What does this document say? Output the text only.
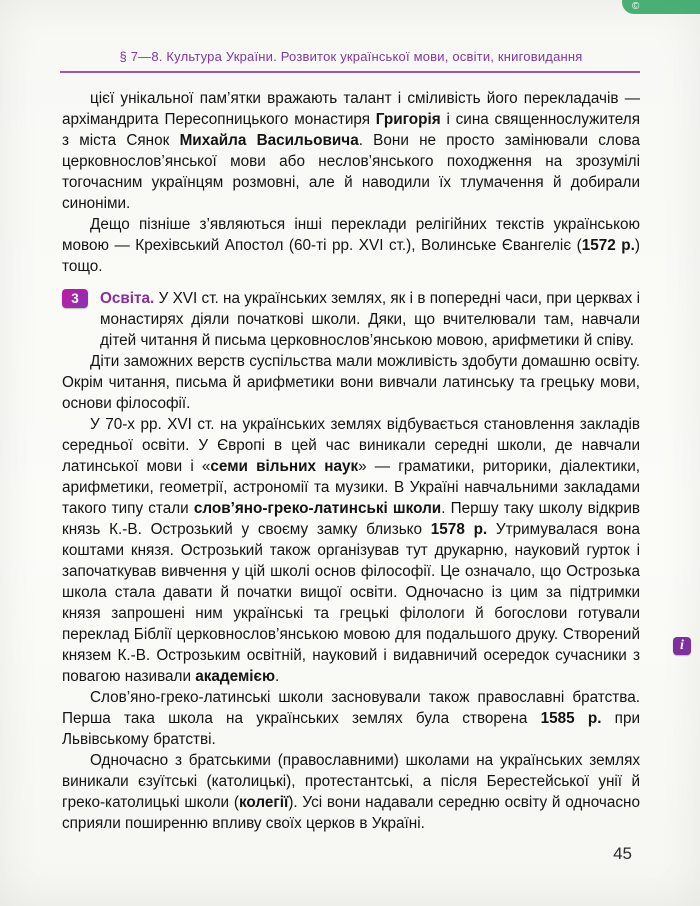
©
§ 7—8. Культура України. Розвиток української мови, освіти, книговидання

цієї унікальної пам’ятки вражають талант і сміливість його перекладачів — архімандрита Пересопницького монастиря Григорія і сина священнослужителя з міста Сянок Михайла Васильовича. Вони не просто замінювали слова церковнослов’янської мови або неслов’янського походження на зрозумілі тогочасним українцям розмовні, але й наводили їх тлумачення й добирали синоніми.

Дещо пізніше з’являються інші переклади релігійних текстів українською мовою — Крехівський Апостол (60-ті рр. XVI ст.), Волинське Євангеліє (1572 р.) тощо.

3	Освіта. У XVI ст. на українських землях, як і в попередні часи, при церквах і монастирях діяли початкові школи. Дяки, що вчителювали там, навчали дітей читання й письма церковнослов’янською мовою, арифметики й співу.

Діти заможних верств суспільства мали можливість здобути домашню освіту. Окрім читання, письма й арифметики вони вивчали латинську та грецьку мови, основи філософії.

У 70-х рр. XVI ст. на українських землях відбувається становлення закладів середньої освіти. У Європі в цей час виникали середні школи, де навчали латинської мови і «семи вільних наук» — граматики, риторики, діалектики, арифметики, геометрії, астрономії та музики. В Україні навчальними закладами такого типу стали слов’яно-греко-латинські школи. Першу таку школу відкрив князь К.-В. Острозький у своєму замку близько 1578 р. Утримувалася вона коштами князя. Острозький також організував тут друкарню, науковий гурток і започаткував вивчення у цій школі основ філософії. Це означало, що Острозька школа стала давати й початки вищої освіти. Одночасно із цим за підтримки князя запрошені ним українські та грецькі філологи й богослови готували переклад Біблії церковнослов’янською мовою для подальшого друку. Створений князем К.-В. Острозьким освітній, науковий і видавничий осередок сучасники з повагою називали академією.

Слов’яно-греко-латинські школи засновували також православні братства. Перша така школа на українських землях була створена 1585 р. при Львівському братстві.

Одночасно з братськими (православними) школами на українських землях виникали єзуїтські (католицькі), протестантські, а після Берестейської унії й греко-католицькі школи (колегії). Усі вони надавали середню освіту й одночасно сприяли поширенню впливу своїх церков в Україні.

і
45
